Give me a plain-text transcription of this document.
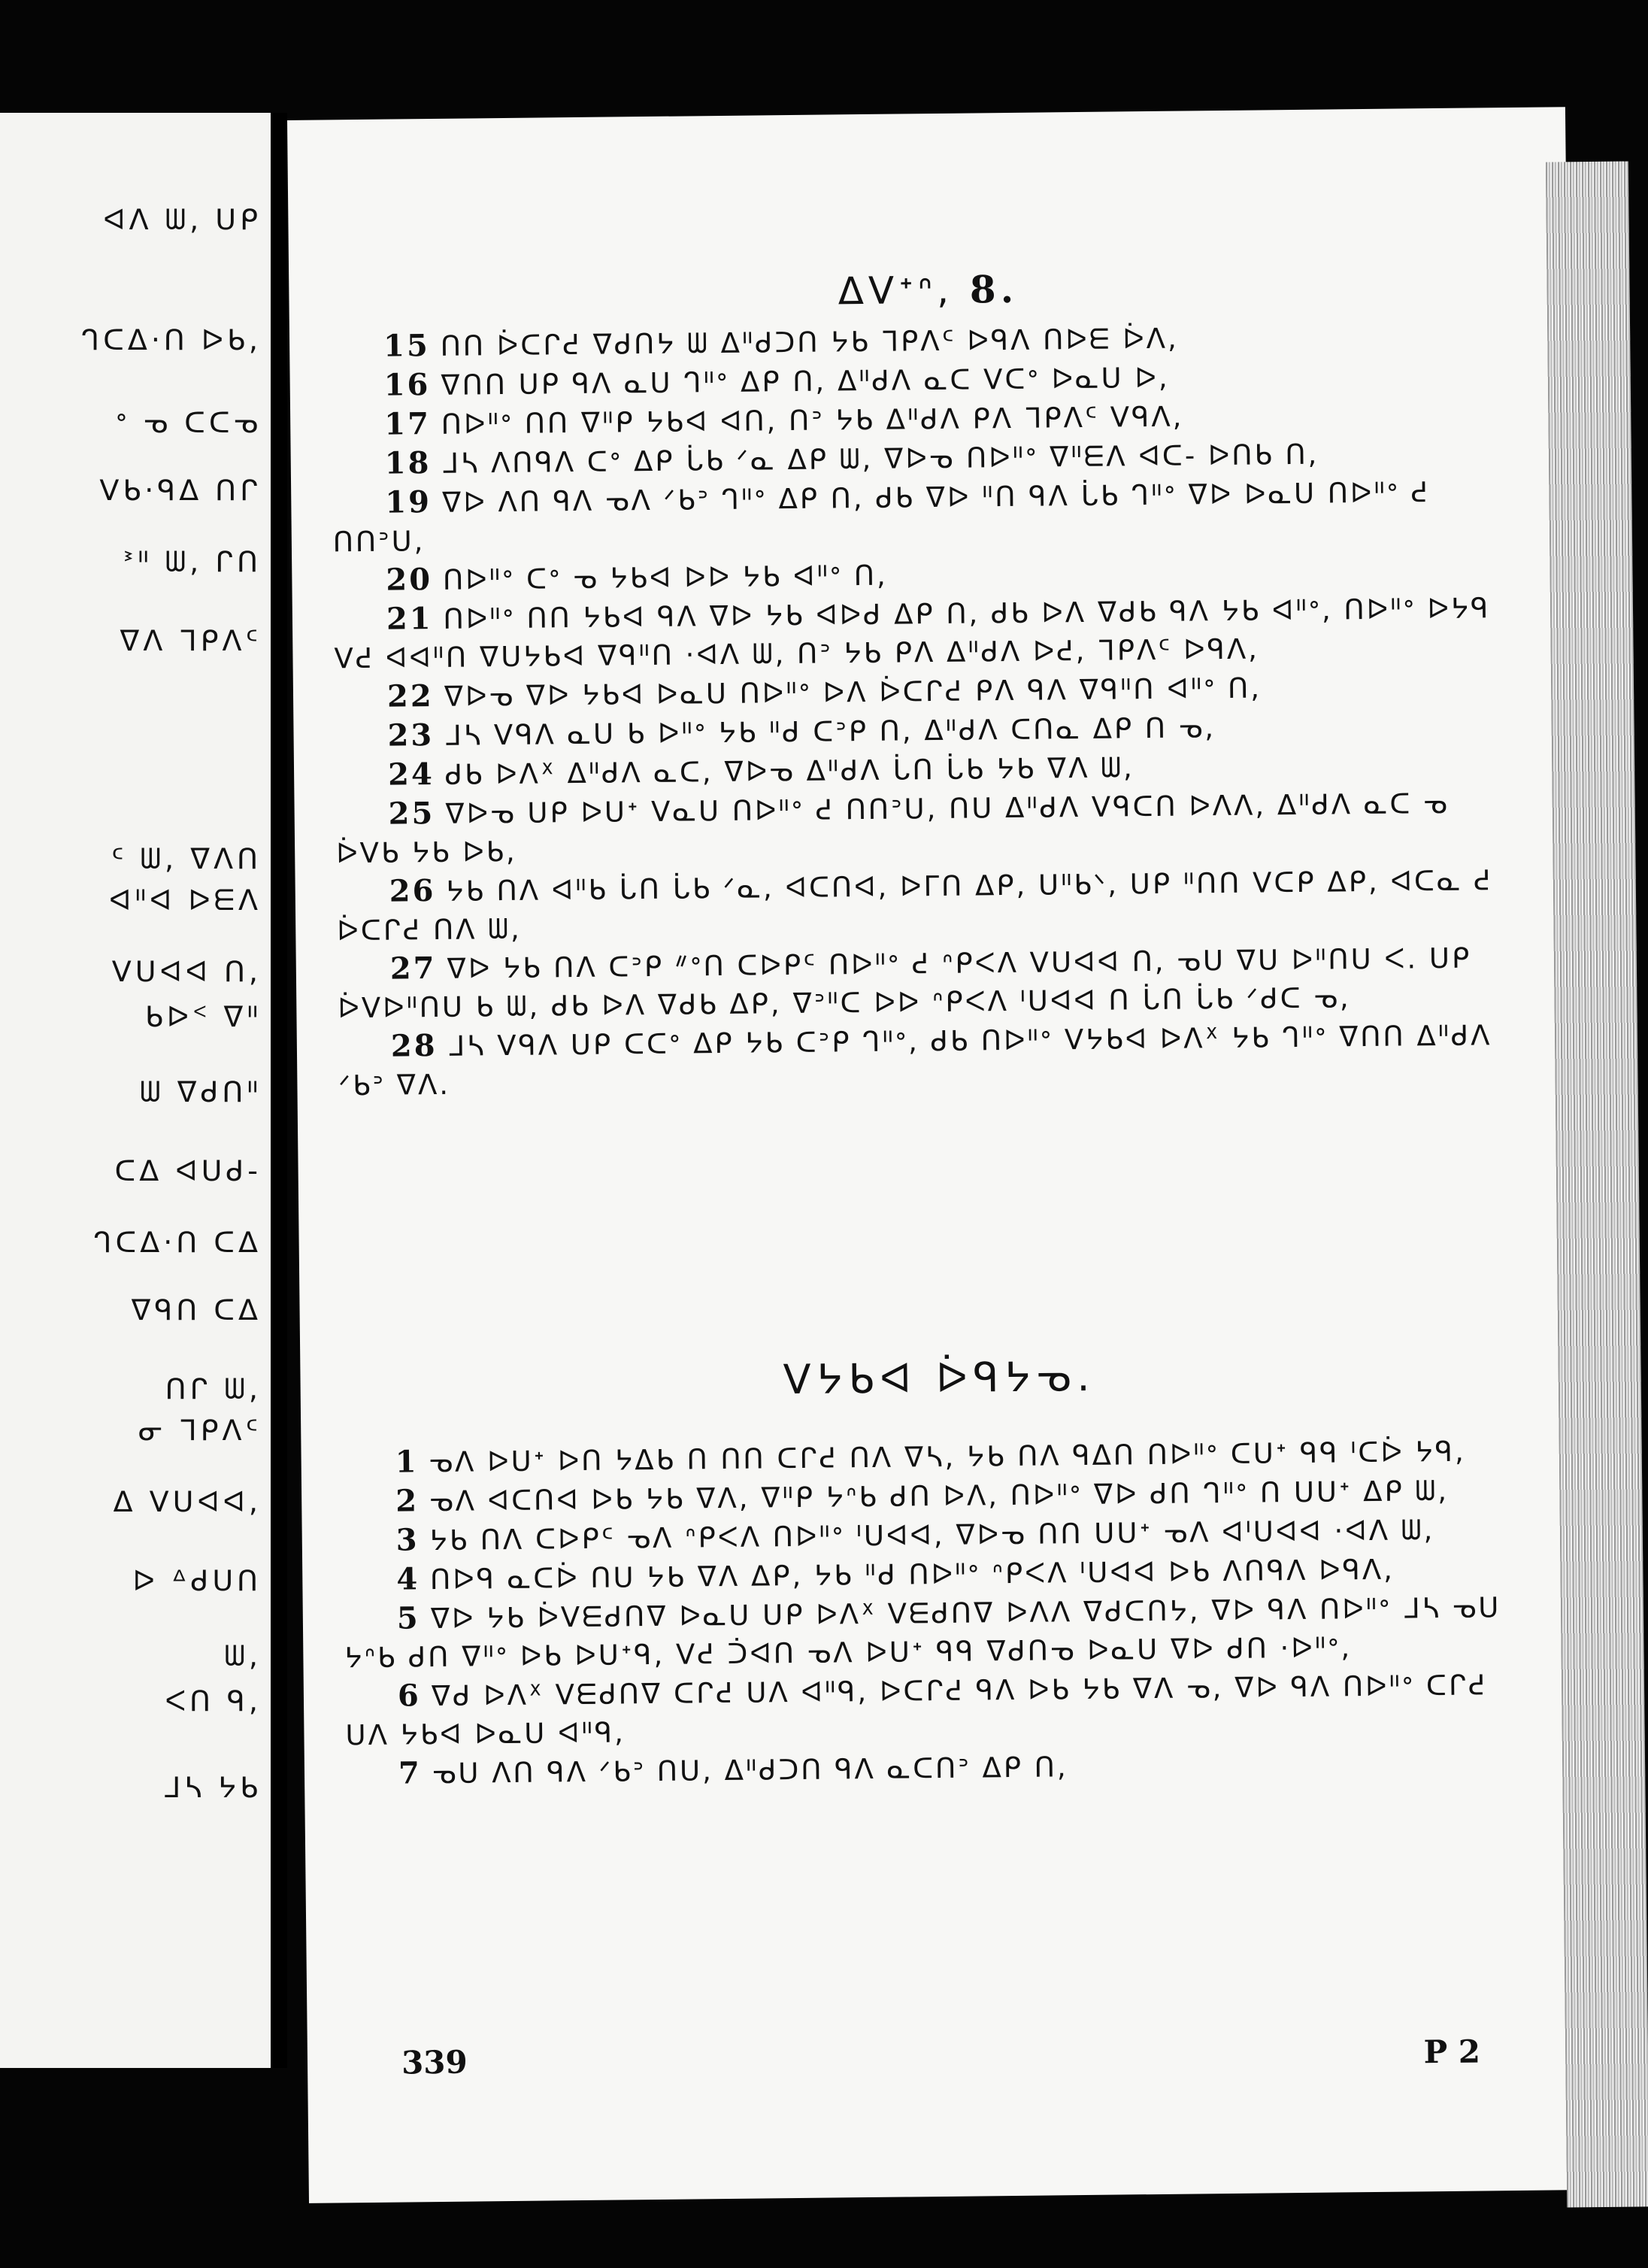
ᐊᐱ ᗯ, ᑌᑭ
ᒉᑕᐃ·ᑎ ᐅᑲ,
ᐤ ᓀ ᑕᑕᓀ
ᐯᑲ·ᑫᐃ ᑎᒋ
ᕑᐦ ᗯ, ᒋᑎ
ᐁᐱ ᒣᑭᐱᑦ
ᑦ ᗯ, ᐁᐱᑎ
ᐊᐦᐊ ᐅᗴᐱ
ᐯᑌᐊᐊ ᑎ,
ᑲᐅᑉ ᐁᐦ
ᗯ ᐁᑯᑎᐦ
ᑕᐃ ᐊᑌᑯ-
ᒉᑕᐃ·ᑎ ᑕᐃ
ᐁᑫᑎ ᑕᐃ
ᑎᒋ ᗯ,
ᓂ ᒣᑭᐱᑦ
ᐃ ᐯᑌᐊᐊ,
ᐅ ᐞᑯᑌᑎ
ᗯ,
ᐸᑎ ᑫ,
ᒧᓴ ᔭᑲ
ᐃᐯᐩᐢ, 8.

15 ᑎᑎ ᐆᑕᒋᕍ ᐁᑯᑎᔭ ᗯ ᐃᐦᑯᑐᑎ ᔭᑲ ᒣᑭᐱᑦ ᐅᑫᐱ ᑎᐅᗴ ᐆᐱ,

16 ᐁᑎᑎ ᑌᑭ ᑫᐱ ᓇᑌ ᒉᐦᐤ ᐃᑭ ᑎ, ᐃᐦᑯᐱ ᓇᑕ ᐯᑕᐤ ᐅᓇᑌ ᐅ,

17 ᑎᐅᐦᐤ ᑎᑎ ᐁᐦᑭ ᔭᑲᐊ ᐊᑎ, ᑎᐣ ᔭᑲ ᐃᐦᑯᐱ ᑭᐱ ᒣᑭᐱᑦ ᐯᑫᐱ,

18 ᒧᓴ ᐱᑎᑫᐱ ᑕᐤ ᐃᑭ ᒑᑲ ᐟᓇ ᐃᑭ ᗯ, ᐁᐅᓀ ᑎᐅᐦᐤ ᐁᐦᗴᐱ ᐊᑕ- ᐅᑎᑲ ᑎ,

19 ᐁᐅ ᐱᑎ ᑫᐱ ᓀᐱ ᐟᑲᐣ ᒉᐦᐤ ᐃᑭ ᑎ, ᑯᑲ ᐁᐅ ᐦᑎ ᑫᐱ ᒑᑲ ᒉᐦᐤ ᐁᐅ ᐅᓇᑌ ᑎᐅᐦᐤ ᕍ ᑎᑎᐣᑌ,

20 ᑎᐅᐦᐤ ᑕᐤ ᓀ ᔭᑲᐊ ᐅᐅ ᔭᑲ ᐊᐦᐤ ᑎ,

21 ᑎᐅᐦᐤ ᑎᑎ ᔭᑲᐊ ᑫᐱ ᐁᐅ ᔭᑲ ᐊᐅᑯ ᐃᑭ ᑎ, ᑯᑲ ᐅᐱ ᐁᑯᑲ ᑫᐱ ᔭᑲ ᐊᐦᐤ, ᑎᐅᐦᐤ ᐅᔭᑫ ᐯᕍ ᐊᐊᐦᑎ ᐁᑌᔭᑲᐊ ᐁᑫᐦᑎ ·ᐊᐱ ᗯ, ᑎᐣ ᔭᑲ ᑭᐱ ᐃᐦᑯᐱ ᐅᕍ, ᒣᑭᐱᑦ ᐅᑫᐱ,

22 ᐁᐅᓀ ᐁᐅ ᔭᑲᐊ ᐅᓇᑌ ᑎᐅᐦᐤ ᐅᐱ ᐆᑕᒋᕍ ᑭᐱ ᑫᐱ ᐁᑫᐦᑎ ᐊᐦᐤ ᑎ,

23 ᒧᓴ ᐯᑫᐱ ᓇᑌ ᑲ ᐅᐦᐤ ᔭᑲ ᐦᑯ ᑕᐣᑭ ᑎ, ᐃᐦᑯᐱ ᑕᑎᓇ ᐃᑭ ᑎ ᓀ,

24 ᑯᑲ ᐅᐱᕽ ᐃᐦᑯᐱ ᓇᑕ, ᐁᐅᓀ ᐃᐦᑯᐱ ᒑᑎ ᒑᑲ ᔭᑲ ᐁᐱ ᗯ,

25 ᐁᐅᓀ ᑌᑭ ᐅᑌᐩ ᐯᓇᑌ ᑎᐅᐦᐤ ᕍ ᑎᑎᐣᑌ, ᑎᑌ ᐃᐦᑯᐱ ᐯᑫᑕᑎ ᐅᐱᐱ, ᐃᐦᑯᐱ ᓇᑕ ᓀ ᐆᐯᑲ ᔭᑲ ᐅᑲ,

26 ᔭᑲ ᑎᐱ ᐊᐦᑲ ᒑᑎ ᒑᑲ ᐟᓇ, ᐊᑕᑎᐊ, ᐅᒥᑎ ᐃᑭ, ᑌᐦᑲᐠ, ᑌᑭ ᐦᑎᑎ ᐯᑕᑭ ᐃᑭ, ᐊᑕᓇ ᕍ ᐆᑕᒋᕍ ᑎᐱ ᗯ,

27 ᐁᐅ ᔭᑲ ᑎᐱ ᑕᐣᑭ ᐥᐤᑎ ᑕᐅᑭᑦ ᑎᐅᐦᐤ ᕍ ᐢᑭᐸᐱ ᐯᑌᐊᐊ ᑎ, ᓀᑌ ᐁᑌ ᐅᐦᑎᑌ ᐸ. ᑌᑭ ᐆᐯᐅᐦᑎᑌ ᑲ ᗯ, ᑯᑲ ᐅᐱ ᐁᑯᑲ ᐃᑭ, ᐁᐣᐦᑕ ᐅᐅ ᐢᑭᐸᐱ ᑊᑌᐊᐊ ᑎ ᒑᑎ ᒑᑲ ᐟᑯᑕ ᓀ,

28 ᒧᓴ ᐯᑫᐱ ᑌᑭ ᑕᑕᐤ ᐃᑭ ᔭᑲ ᑕᐣᑭ ᒉᐦᐤ, ᑯᑲ ᑎᐅᐦᐤ ᐯᔭᑲᐊ ᐅᐱᕽ ᔭᑲ ᒉᐦᐤ ᐁᑎᑎ ᐃᐦᑯᐱ ᐟᑲᐣ ᐁᐱ.

ᐯᔭᑲᐊ ᐆᑫᔭᓀ.

1 ᓀᐱ ᐅᑌᐩ ᐅᑎ ᔭᐃᑲ ᑎ ᑎᑎ ᑕᒋᕍ ᑎᐱ ᐁᓴ, ᔭᑲ ᑎᐱ ᑫᐃᑎ ᑎᐅᐦᐤ ᑕᑌᐩ ᑫᑫ ᑊᑕᐆ ᔭᑫ,

2 ᓀᐱ ᐊᑕᑎᐊ ᐅᑲ ᔭᑲ ᐁᐱ, ᐁᐦᑭ ᔭᐢᑲ ᑯᑎ ᐅᐱ, ᑎᐅᐦᐤ ᐁᐅ ᑯᑎ ᒉᐦᐤ ᑎ ᑌᑌᐩ ᐃᑭ ᗯ,

3 ᔭᑲ ᑎᐱ ᑕᐅᑭᑦ ᓀᐱ ᐢᑭᐸᐱ ᑎᐅᐦᐤ ᑊᑌᐊᐊ, ᐁᐅᓀ ᑎᑎ ᑌᑌᐩ ᓀᐱ ᐊᑊᑌᐊᐊ ·ᐊᐱ ᗯ,

4 ᑎᐅᑫ ᓇᑕᐆ ᑎᑌ ᔭᑲ ᐁᐱ ᐃᑭ, ᔭᑲ ᐦᑯ ᑎᐅᐦᐤ ᐢᑭᐸᐱ ᑊᑌᐊᐊ ᐅᑲ ᐱᑎᑫᐱ ᐅᑫᐱ,

5 ᐁᐅ ᔭᑲ ᐆᐯᗴᑯᑎᐁ ᐅᓇᑌ ᑌᑭ ᐅᐱᕽ ᐯᗴᑯᑎᐁ ᐅᐱᐱ ᐁᑯᑕᑎᔭ, ᐁᐅ ᑫᐱ ᑎᐅᐦᐤ ᒧᓴ ᓀᑌ ᔭᐢᑲ ᑯᑎ ᐁᐦᐤ ᐅᑲ ᐅᑌᐩᑫ, ᐯᕍ ᑑᐊᑎ ᓀᐱ ᐅᑌᐩ ᑫᑫ ᐁᑯᑎᓀ ᐅᓇᑌ ᐁᐅ ᑯᑎ ·ᐅᐦᐤ,

6 ᐁᑯ ᐅᐱᕽ ᐯᗴᑯᑎᐁ ᑕᒋᕍ ᑌᐱ ᐊᐦᑫ, ᐅᑕᒋᕍ ᑫᐱ ᐅᑲ ᔭᑲ ᐁᐱ ᓀ, ᐁᐅ ᑫᐱ ᑎᐅᐦᐤ ᑕᒋᕍ ᑌᐱ ᔭᑲᐊ ᐅᓇᑌ ᐊᐦᑫ,

7 ᓀᑌ ᐱᑎ ᑫᐱ ᐟᑲᐣ ᑎᑌ, ᐃᐦᑯᑐᑎ ᑫᐱ ᓇᑕᑎᐣ ᐃᑭ ᑎ,

339	P 2
